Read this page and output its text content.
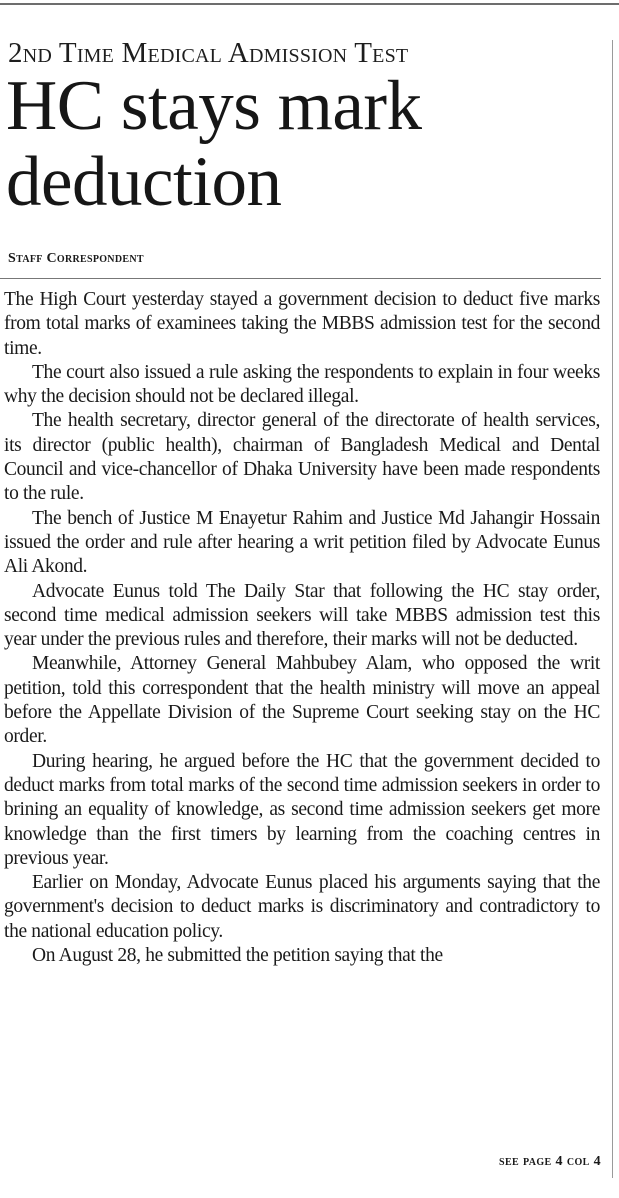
2nd Time Medical Admission Test
HC stays mark deduction
Staff Correspondent

The High Court yesterday stayed a government decision to deduct five marks from total marks of examinees taking the MBBS admission test for the second time.

The court also issued a rule asking the respondents to explain in four weeks why the decision should not be declared illegal.

The health secretary, director general of the directorate of health services, its director (public health), chairman of Bangladesh Medical and Dental Council and vice-chancellor of Dhaka University have been made respondents to the rule.

The bench of Justice M Enayetur Rahim and Justice Md Jahangir Hossain issued the order and rule after hearing a writ petition filed by Advocate Eunus Ali Akond.

Advocate Eunus told The Daily Star that following the HC stay order, second time medical admission seekers will take MBBS admission test this year under the previous rules and therefore, their marks will not be deducted.

Meanwhile, Attorney General Mahbubey Alam, who opposed the writ petition, told this correspondent that the health ministry will move an appeal before the Appellate Division of the Supreme Court seeking stay on the HC order.

During hearing, he argued before the HC that the government decided to deduct marks from total marks of the second time admission seekers in order to brining an equality of knowledge, as second time admission seekers get more knowledge than the first timers by learning from the coaching centres in previous year.

Earlier on Monday, Advocate Eunus placed his arguments saying that the government's decision to deduct marks is discriminatory and contradictory to the national education policy.

On August 28, he submitted the petition saying that the

see page 4 col 4
